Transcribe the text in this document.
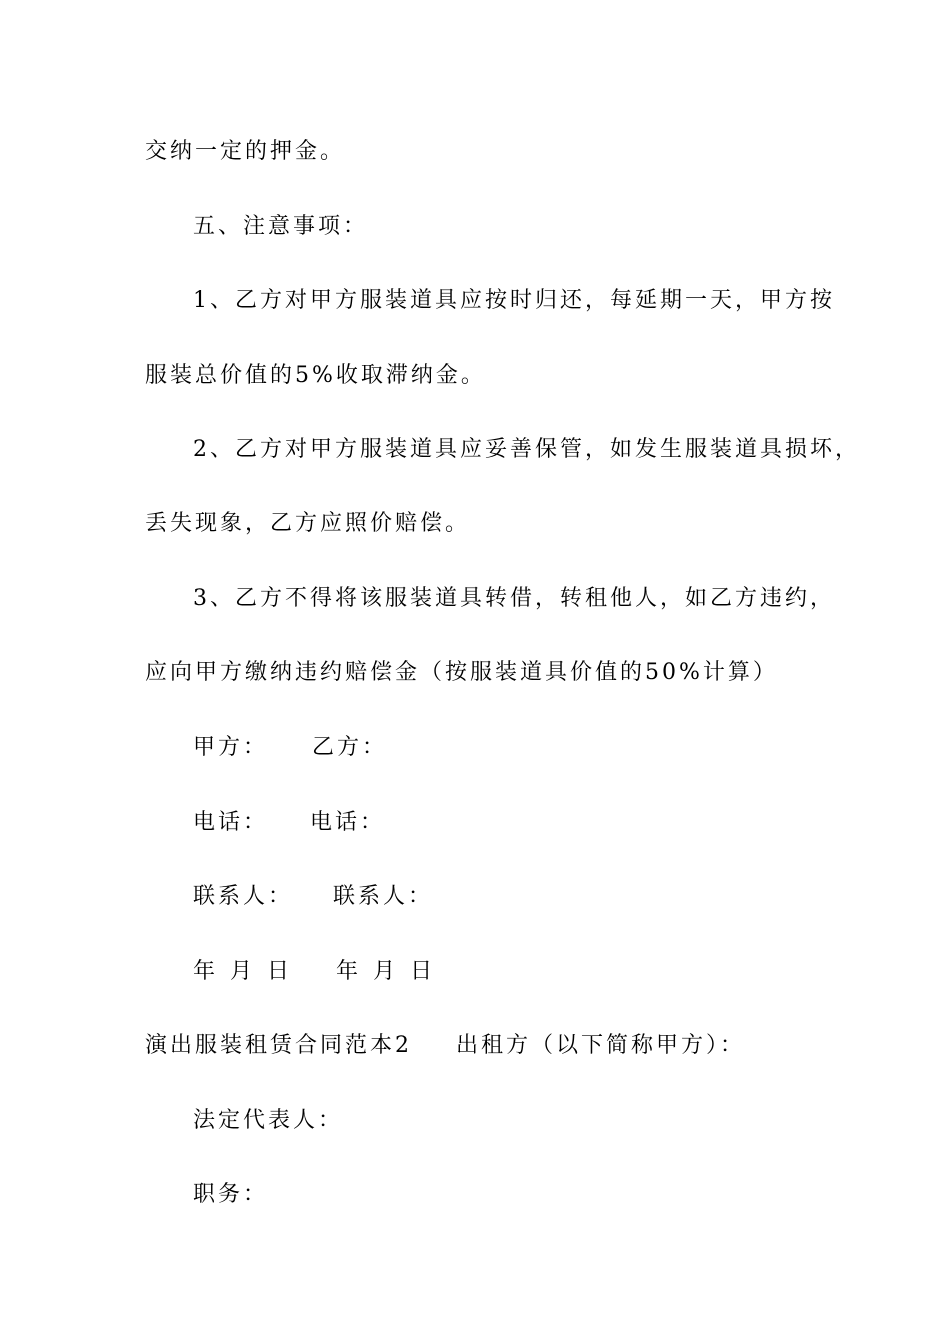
交纳一定的押金。
五、注意事项：
1、乙方对甲方服装道具应按时归还，每延期一天，甲方按
服装总价值的5%收取滞纳金。
2、乙方对甲方服装道具应妥善保管，如发生服装道具损坏，
丢失现象，乙方应照价赔偿。
3、乙方不得将该服装道具转借，转租他人，如乙方违约，
应向甲方缴纳违约赔偿金（按服装道具价值的50%计算）
甲方： 乙方：
电话： 电话：
联系人： 联系人：
年 月 日 年 月 日
演出服装租赁合同范本2 出租方（以下简称甲方）：
法定代表人：
职务：
